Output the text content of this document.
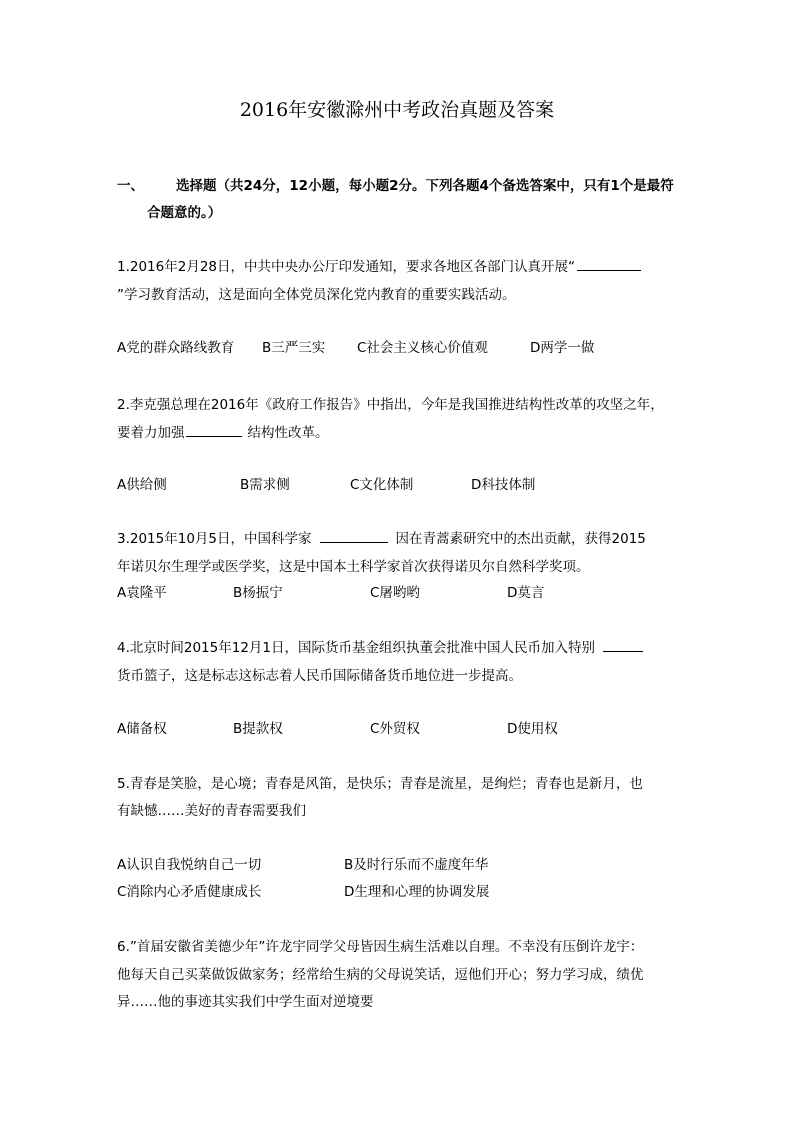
2016年安徽滁州中考政治真题及答案
一、 选择题（共24分，12小题，每小题2分。下列各题4个备选答案中，只有1个是最符
合题意的。）
1.2016年2月28日，中共中央办公厅印发通知，要求各地区各部门认真开展“
”学习教育活动，这是面向全体党员深化党内教育的重要实践活动。
A党的群众路线教育 B三严三实 C社会主义核心价值观	D两学一做
2.李克强总理在2016年《政府工作报告》中指出，今年是我国推进结构性改革的攻坚之年，
要着力加强	结构性改革。
A供给侧	B需求侧	C文化体制	D科技体制
3.2015年10月5日，中国科学家	因在青蒿素研究中的杰出贡献，获得2015
年诺贝尔生理学或医学奖，这是中国本土科学家首次获得诺贝尔自然科学奖项。
A袁隆平	B杨振宁	C屠哟哟	D莫言
4.北京时间2015年12月1日，国际货币基金组织执董会批准中国人民币加入特别
货币篮子，这是标志这标志着人民币国际储备货币地位进一步提高。
A储备权	B提款权	C外贸权	D使用权
5.青春是笑脸，是心境；青春是风笛，是快乐；青春是流星，是绚烂；青春也是新月，也
有缺憾……美好的青春需要我们
A认识自我悦纳自己一切	B及时行乐而不虚度年华
C消除内心矛盾健康成长	D生理和心理的协调发展
6.”首届安徽省美德少年”许龙宇同学父母皆因生病生活难以自理。不幸没有压倒许龙宇：
他每天自己买菜做饭做家务；经常给生病的父母说笑话，逗他们开心；努力学习成，绩优
异……他的事迹其实我们中学生面对逆境要
